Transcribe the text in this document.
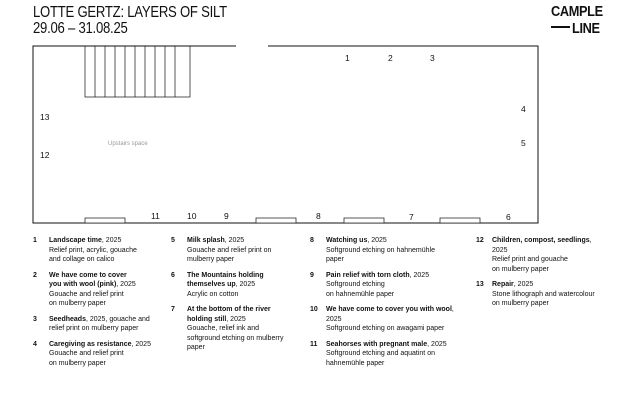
LOTTE GERTZ: LAYERS OF SILT
29.06 – 31.08.25
CAMPLE
LINE
Upstairs space
1	2	3
4
5
6
7
8
9
10
11
12
13
1 Landscape time, 2025
Relief print, acrylic, gouache
and collage on calico
2 We have come to cover
you with wool (pink), 2025
Gouache and relief print
on mulberry paper
3 Seedheads, 2025, gouache and
relief print on mulberry paper
4 Caregiving as resistance, 2025
Gouache and relief print
on mulberry paper
5 Milk splash, 2025
Gouache and relief print on
mulberry paper
6 The Mountains holding
themselves up, 2025
Acrylic on cotton
7 At the bottom of the river
holding still, 2025
Gouache, relief ink and
softground etching on mulberry
paper
8 Watching us, 2025
Softground etching on hahnemühle
paper
9 Pain relief with torn cloth, 2025
Softground etching
on hahnemühle paper
10 We have come to cover you with wool,
2025
Softground etching on awagami paper
11 Seahorses with pregnant male, 2025
Softground etching and aquatint on
hahnemühle paper
12 Children, compost, seedlings,
2025
Relief print and gouache
on mulberry paper
13 Repair, 2025
Stone lithograph and watercolour
on mulberry paper
